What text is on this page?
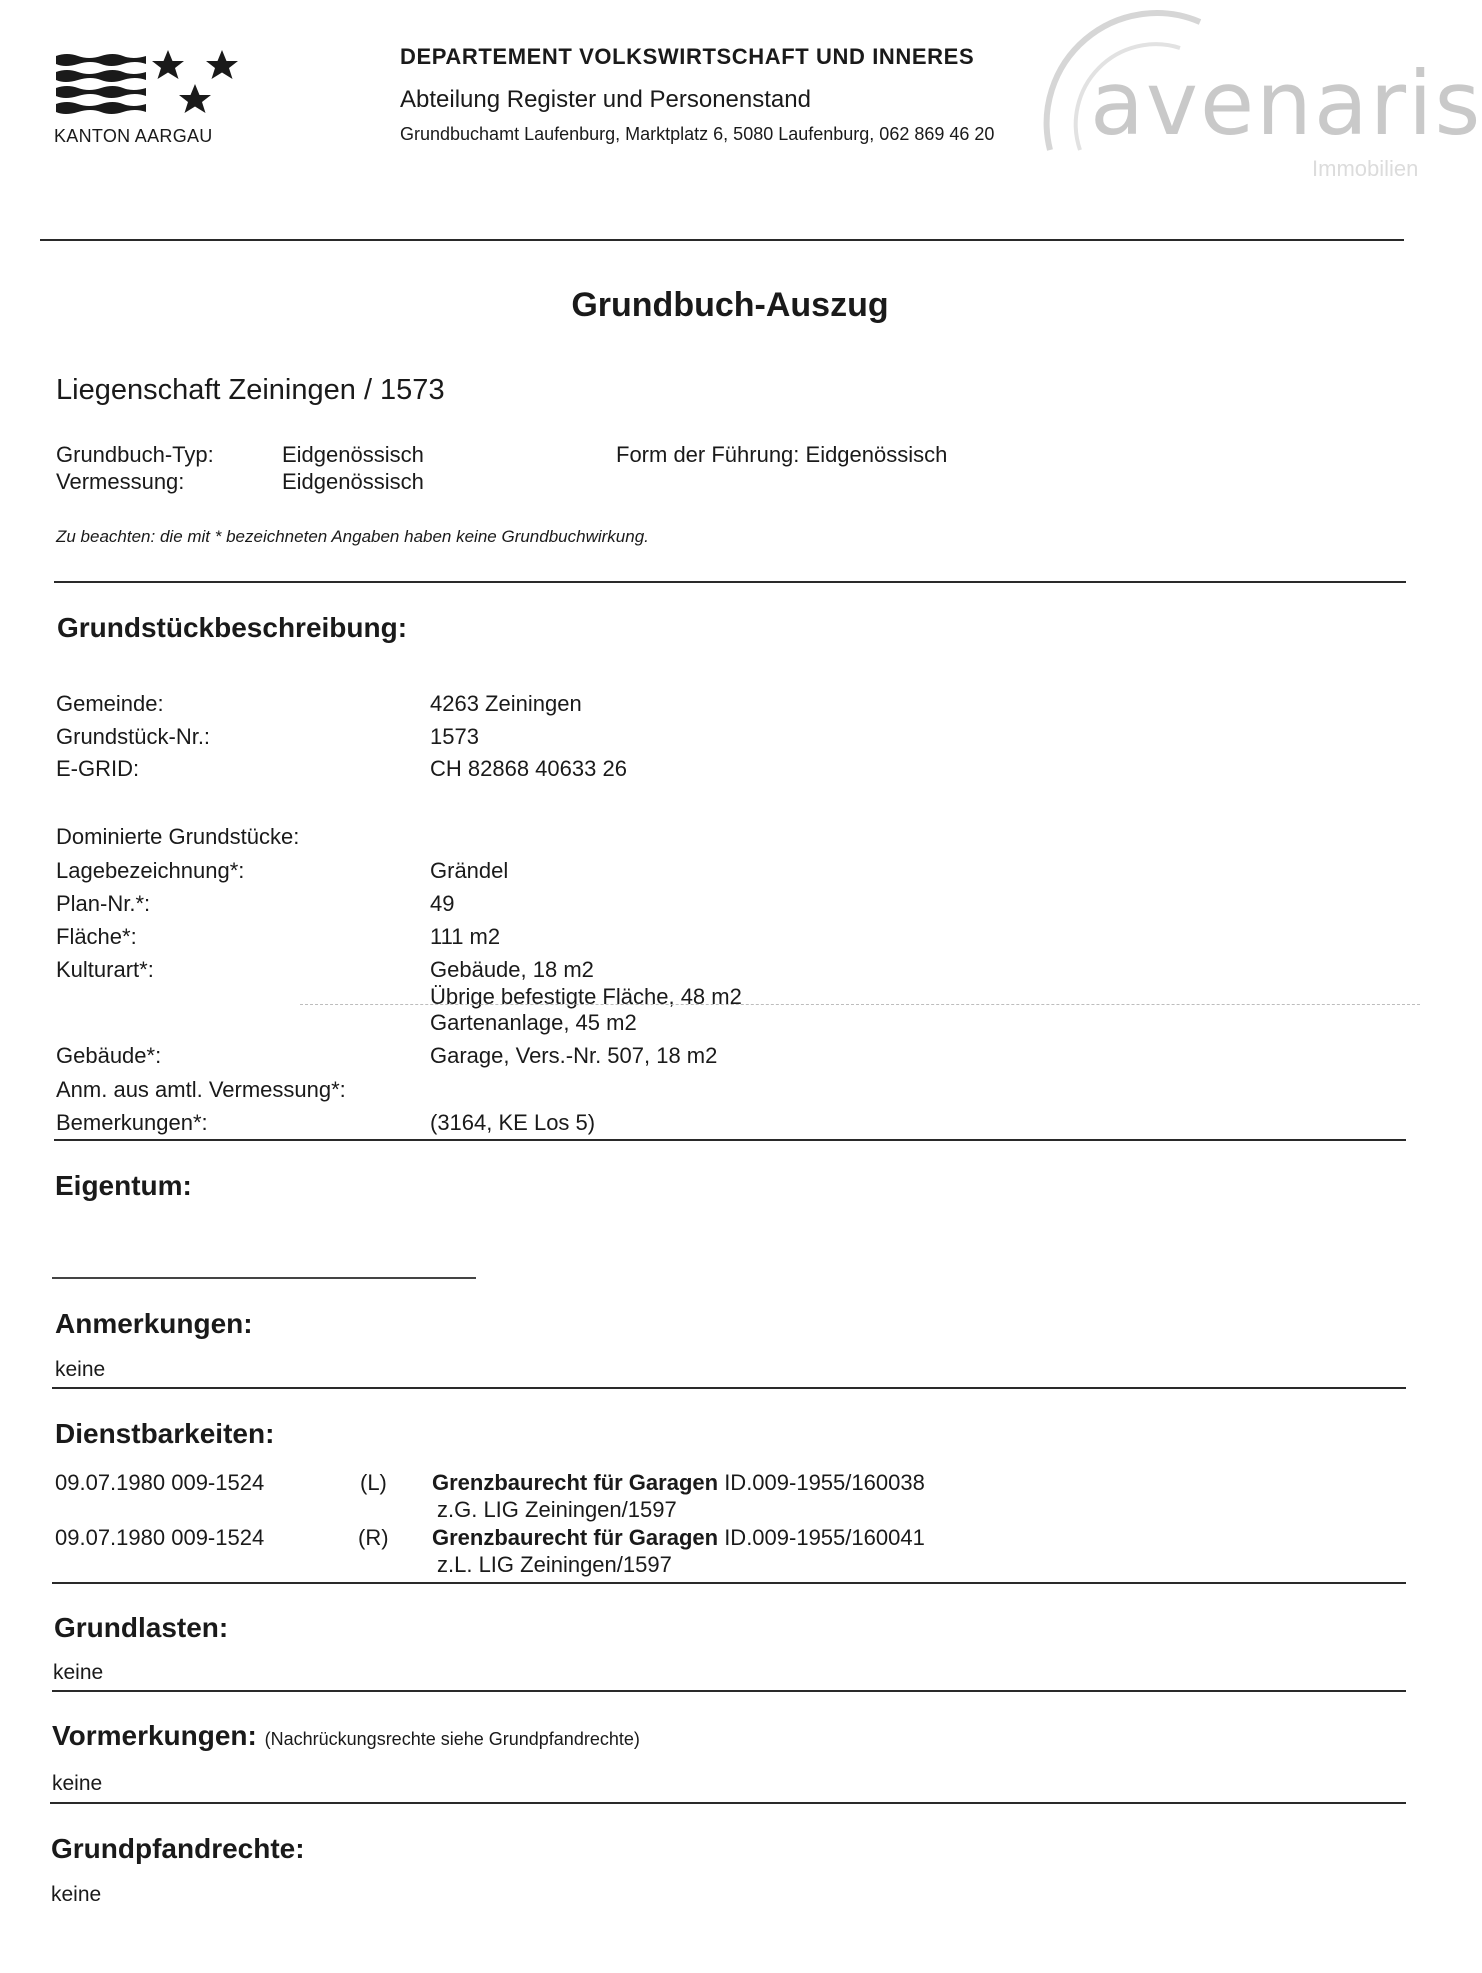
KANTON AARGAU
DEPARTEMENT VOLKSWIRTSCHAFT UND INNERES
Abteilung Register und Personenstand
Grundbuchamt Laufenburg, Marktplatz 6, 5080 Laufenburg, 062 869 46 20 avenaris
Immobilien
Grundbuch-Auszug
Liegenschaft Zeiningen / 1573
Grundbuch-Typ:	Eidgenössisch
Vermessung:	Eidgenössisch
Form der Führung: Eidgenössisch
Zu beachten: die mit * bezeichneten Angaben haben keine Grundbuchwirkung.
Grundstückbeschreibung:
Gemeinde:	4263 Zeiningen
Grundstück-Nr.:	1573
E-GRID:	CH 82868 40633 26
Dominierte Grundstücke:
Lagebezeichnung*:	Grändel
Plan-Nr.*:	49
Fläche*:	111 m2
Kulturart*:	Gebäude, 18 m2
Übrige befestigte Fläche, 48 m2
Gartenanlage, 45 m2
Gebäude*:	Garage, Vers.-Nr. 507, 18 m2
Anm. aus amtl. Vermessung*:
Bemerkungen*:	(3164, KE Los 5)
Eigentum:
Anmerkungen:
keine
Dienstbarkeiten:
09.07.1980 009-1524	(L) Grenzbaurecht für Garagen ID.009-1955/160038
z.G. LIG Zeiningen/1597
09.07.1980 009-1524	(R) Grenzbaurecht für Garagen ID.009-1955/160041
z.L. LIG Zeiningen/1597
Grundlasten:
keine
Vormerkungen: (Nachrückungsrechte siehe Grundpfandrechte)
keine
Grundpfandrechte:
keine
